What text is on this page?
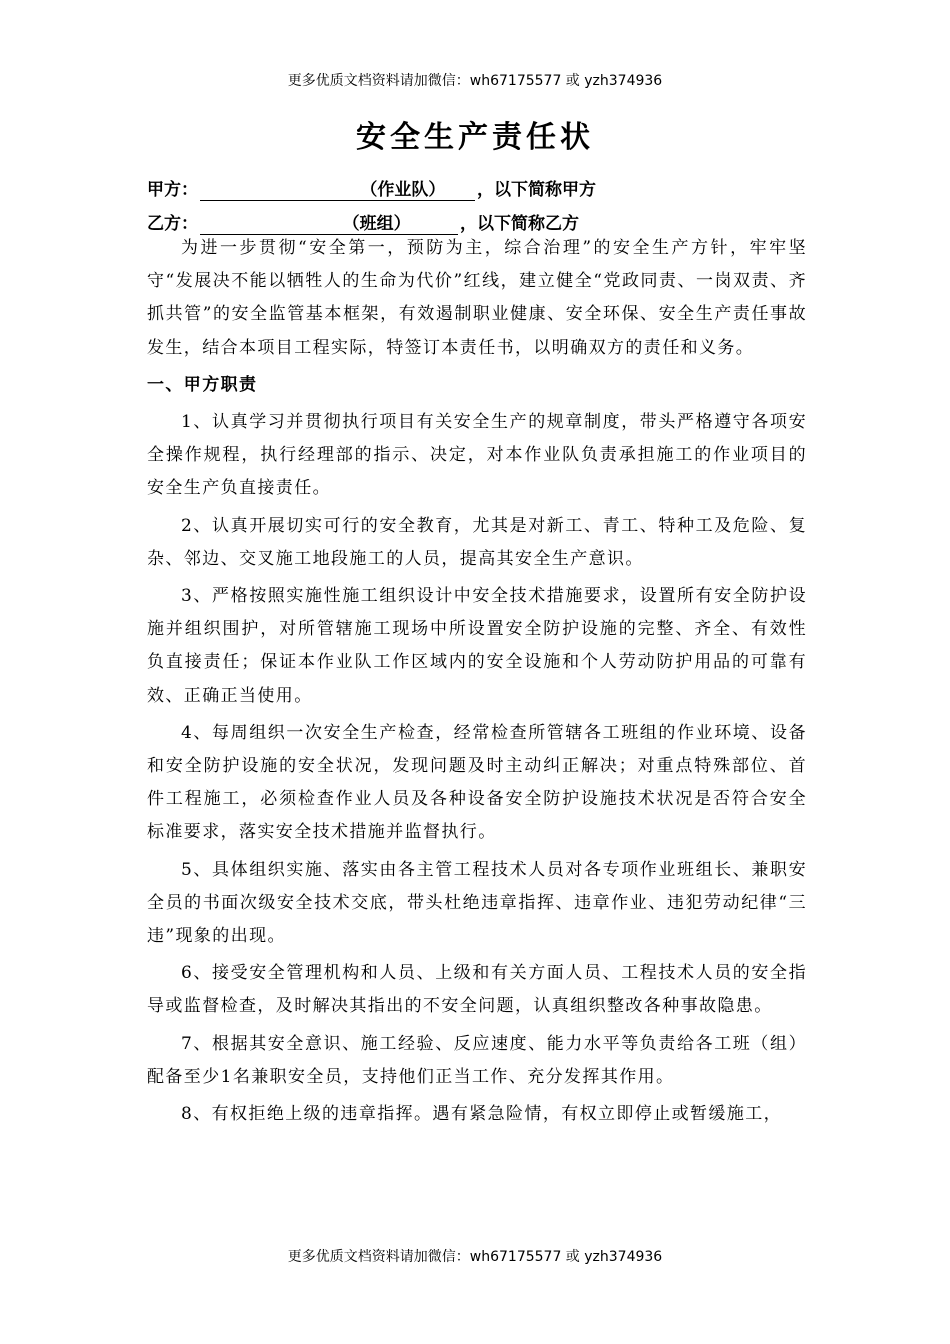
更多优质文档资料请加微信：wh67175577 或 yzh374936
安全生产责任状
甲方：	（作业队） ，以下简称甲方
乙方：	（班组）	，以下简称乙方

为进一步贯彻“安全第一，预防为主，综合治理”的安全生产方针，牢牢坚守“发展决不能以牺牲人的生命为代价”红线，建立健全“党政同责、一岗双责、齐抓共管”的安全监管基本框架，有效遏制职业健康、安全环保、安全生产责任事故发生，结合本项目工程实际，特签订本责任书，以明确双方的责任和义务。

一、甲方职责

1、认真学习并贯彻执行项目有关安全生产的规章制度，带头严格遵守各项安全操作规程，执行经理部的指示、决定，对本作业队负责承担施工的作业项目的安全生产负直接责任。

2、认真开展切实可行的安全教育，尤其是对新工、青工、特种工及危险、复杂、邻边、交叉施工地段施工的人员，提高其安全生产意识。

3、严格按照实施性施工组织设计中安全技术措施要求，设置所有安全防护设施并组织围护，对所管辖施工现场中所设置安全防护设施的完整、齐全、有效性负直接责任；保证本作业队工作区域内的安全设施和个人劳动防护用品的可靠有效、正确正当使用。

4、每周组织一次安全生产检查，经常检查所管辖各工班组的作业环境、设备和安全防护设施的安全状况，发现问题及时主动纠正解决；对重点特殊部位、首件工程施工，必须检查作业人员及各种设备安全防护设施技术状况是否符合安全标准要求，落实安全技术措施并监督执行。

5、具体组织实施、落实由各主管工程技术人员对各专项作业班组长、兼职安全员的书面次级安全技术交底，带头杜绝违章指挥、违章作业、违犯劳动纪律“三违”现象的出现。

6、接受安全管理机构和人员、上级和有关方面人员、工程技术人员的安全指导或监督检查，及时解决其指出的不安全问题，认真组织整改各种事故隐患。

7、根据其安全意识、施工经验、反应速度、能力水平等负责给各工班（组）配备至少1名兼职安全员，支持他们正当工作、充分发挥其作用。

8、有权拒绝上级的违章指挥。遇有紧急险情，有权立即停止或暂缓施工，

更多优质文档资料请加微信：wh67175577 或 yzh374936
